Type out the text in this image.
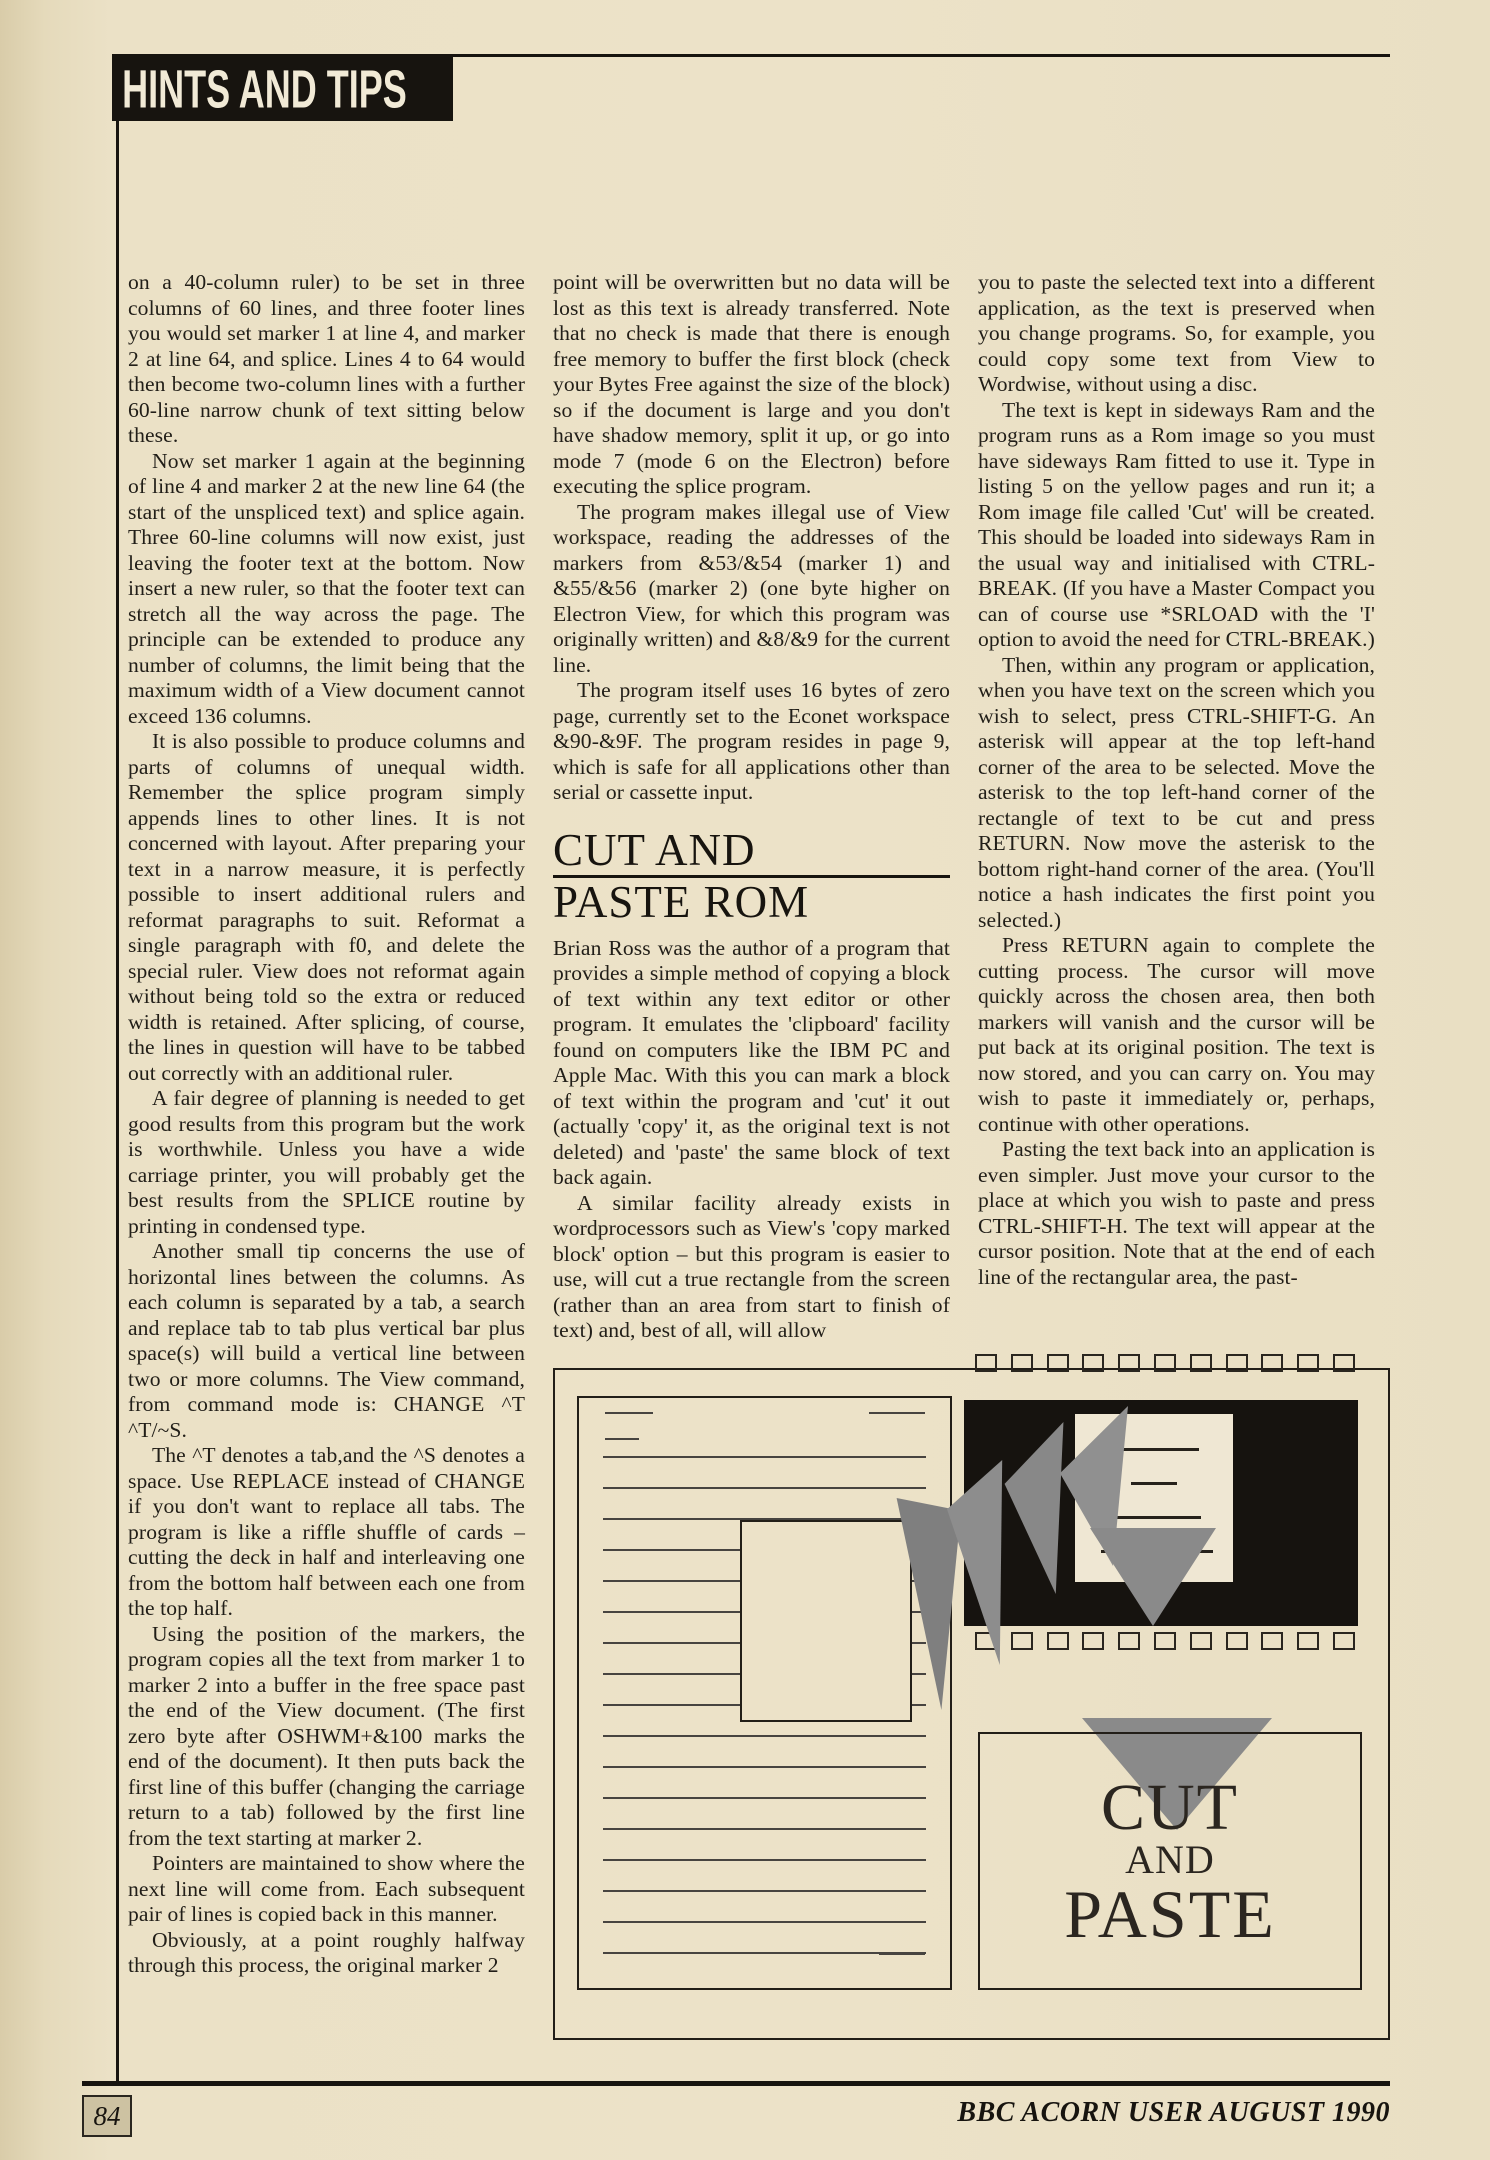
HINTS AND TIPS

on a 40-column ruler) to be set in three columns of 60 lines, and three footer lines you would set marker 1 at line 4, and marker 2 at line 64, and splice. Lines 4 to 64 would then become two-column lines with a further 60-line narrow chunk of text sitting below these.

Now set marker 1 again at the beginning of line 4 and marker 2 at the new line 64 (the start of the unspliced text) and splice again. Three 60-line columns will now exist, just leaving the footer text at the bottom. Now insert a new ruler, so that the footer text can stretch all the way across the page. The principle can be extended to produce any number of columns, the limit being that the maximum width of a View document cannot exceed 136 columns.

It is also possible to produce columns and parts of columns of unequal width. Remember the splice program simply appends lines to other lines. It is not concerned with layout. After preparing your text in a narrow measure, it is perfectly possible to insert additional rulers and reformat paragraphs to suit. Reformat a single paragraph with f0, and delete the special ruler. View does not reformat again without being told so the extra or reduced width is retained. After splicing, of course, the lines in question will have to be tabbed out correctly with an additional ruler.

A fair degree of planning is needed to get good results from this program but the work is worthwhile. Unless you have a wide carriage printer, you will probably get the best results from the SPLICE routine by printing in condensed type.

Another small tip concerns the use of horizontal lines between the columns. As each column is separated by a tab, a search and replace tab to tab plus vertical bar plus space(s) will build a vertical line between two or more columns. The View command, from command mode is: CHANGE ^T ^T/~S.

The ^T denotes a tab,and the ^S denotes a space. Use REPLACE instead of CHANGE if you don't want to replace all tabs. The program is like a riffle shuffle of cards – cutting the deck in half and interleaving one from the bottom half between each one from the top half.

Using the position of the markers, the program copies all the text from marker 1 to marker 2 into a buffer in the free space past the end of the View document. (The first zero byte after OSHWM+&100 marks the end of the document). It then puts back the first line of this buffer (changing the carriage return to a tab) followed by the first line from the text starting at marker 2.

Pointers are maintained to show where the next line will come from. Each subsequent pair of lines is copied back in this manner.

Obviously, at a point roughly halfway through this process, the original marker 2

point will be overwritten but no data will be lost as this text is already transferred. Note that no check is made that there is enough free memory to buffer the first block (check your Bytes Free against the size of the block) so if the document is large and you don't have shadow memory, split it up, or go into mode 7 (mode 6 on the Electron) before executing the splice program.

The program makes illegal use of View workspace, reading the addresses of the markers from &53/&54 (marker 1) and &55/&56 (marker 2) (one byte higher on Electron View, for which this program was originally written) and &8/&9 for the current line.

The program itself uses 16 bytes of zero page, currently set to the Econet workspace &90-&9F. The program resides in page 9, which is safe for all applications other than serial or cassette input.

CUT AND
PASTE ROM

Brian Ross was the author of a program that provides a simple method of copying a block of text within any text editor or other program. It emulates the 'clipboard' facility found on computers like the IBM PC and Apple Mac. With this you can mark a block of text within the program and 'cut' it out (actually 'copy' it, as the original text is not deleted) and 'paste' the same block of text back again.

A similar facility already exists in wordprocessors such as View's 'copy marked block' option – but this program is easier to use, will cut a true rectangle from the screen (rather than an area from start to finish of text) and, best of all, will allow

you to paste the selected text into a different application, as the text is preserved when you change programs. So, for example, you could copy some text from View to Wordwise, without using a disc.

The text is kept in sideways Ram and the program runs as a Rom image so you must have sideways Ram fitted to use it. Type in listing 5 on the yellow pages and run it; a Rom image file called 'Cut' will be created. This should be loaded into sideways Ram in the usual way and initialised with CTRL-BREAK. (If you have a Master Compact you can of course use *SRLOAD with the 'I' option to avoid the need for CTRL-BREAK.)

Then, within any program or application, when you have text on the screen which you wish to select, press CTRL-SHIFT-G. An asterisk will appear at the top left-hand corner of the area to be selected. Move the asterisk to the top left-hand corner of the rectangle of text to be cut and press RETURN. Now move the asterisk to the bottom right-hand corner of the area. (You'll notice a hash indicates the first point you selected.)

Press RETURN again to complete the cutting process. The cursor will move quickly across the chosen area, then both markers will vanish and the cursor will be put back at its original position. The text is now stored, and you can carry on. You may wish to paste it immediately or, perhaps, continue with other operations.

Pasting the text back into an application is even simpler. Just move your cursor to the place at which you wish to paste and press CTRL-SHIFT-H. The text will appear at the cursor position. Note that at the end of each line of the rectangular area, the past-

CUT
AND
PASTE
84	BBC ACORN USER AUGUST 1990
